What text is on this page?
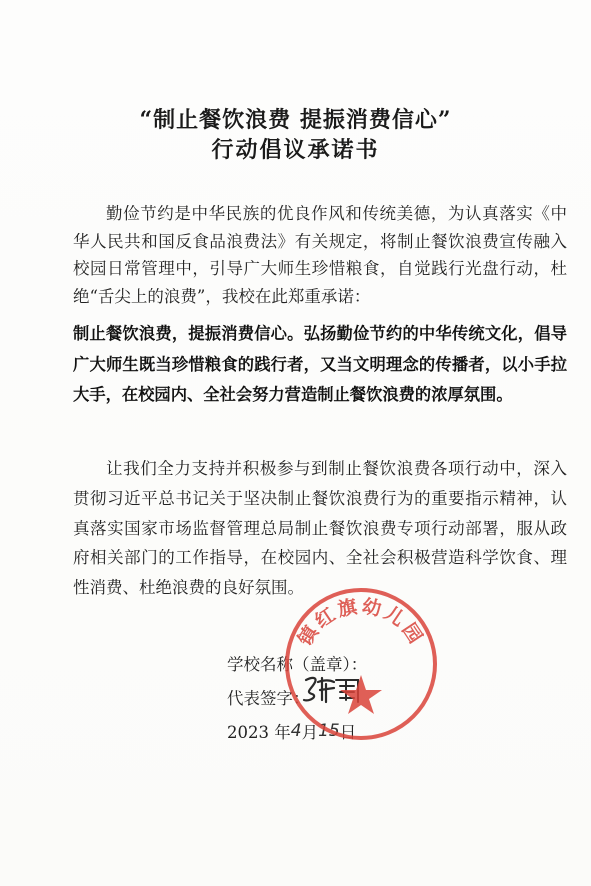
“制止餐饮浪费 提振消费信心”
行动倡议承诺书
勤俭节约是中华民族的优良作风和传统美德，为认真落实《中华人民共和国反食品浪费法》有关规定，将制止餐饮浪费宣传融入校园日常管理中，引导广大师生珍惜粮食，自觉践行光盘行动，杜绝“舌尖上的浪费”，我校在此郑重承诺：
制止餐饮浪费，提振消费信心。弘扬勤俭节约的中华传统文化，倡导广大师生既当珍惜粮食的践行者，又当文明理念的传播者，以小手拉大手，在校园内、全社会努力营造制止餐饮浪费的浓厚氛围。
让我们全力支持并积极参与到制止餐饮浪费各项行动中，深入贯彻习近平总书记关于坚决制止餐饮浪费行为的重要指示精神，认真落实国家市场监督管理总局制止餐饮浪费专项行动部署，服从政府相关部门的工作指导，在校园内、全社会积极营造科学饮食、理性消费、杜绝浪费的良好氛围。
学校名称（盖章）：
代表签字：
2023 年4月15日
镇红旗幼儿园
